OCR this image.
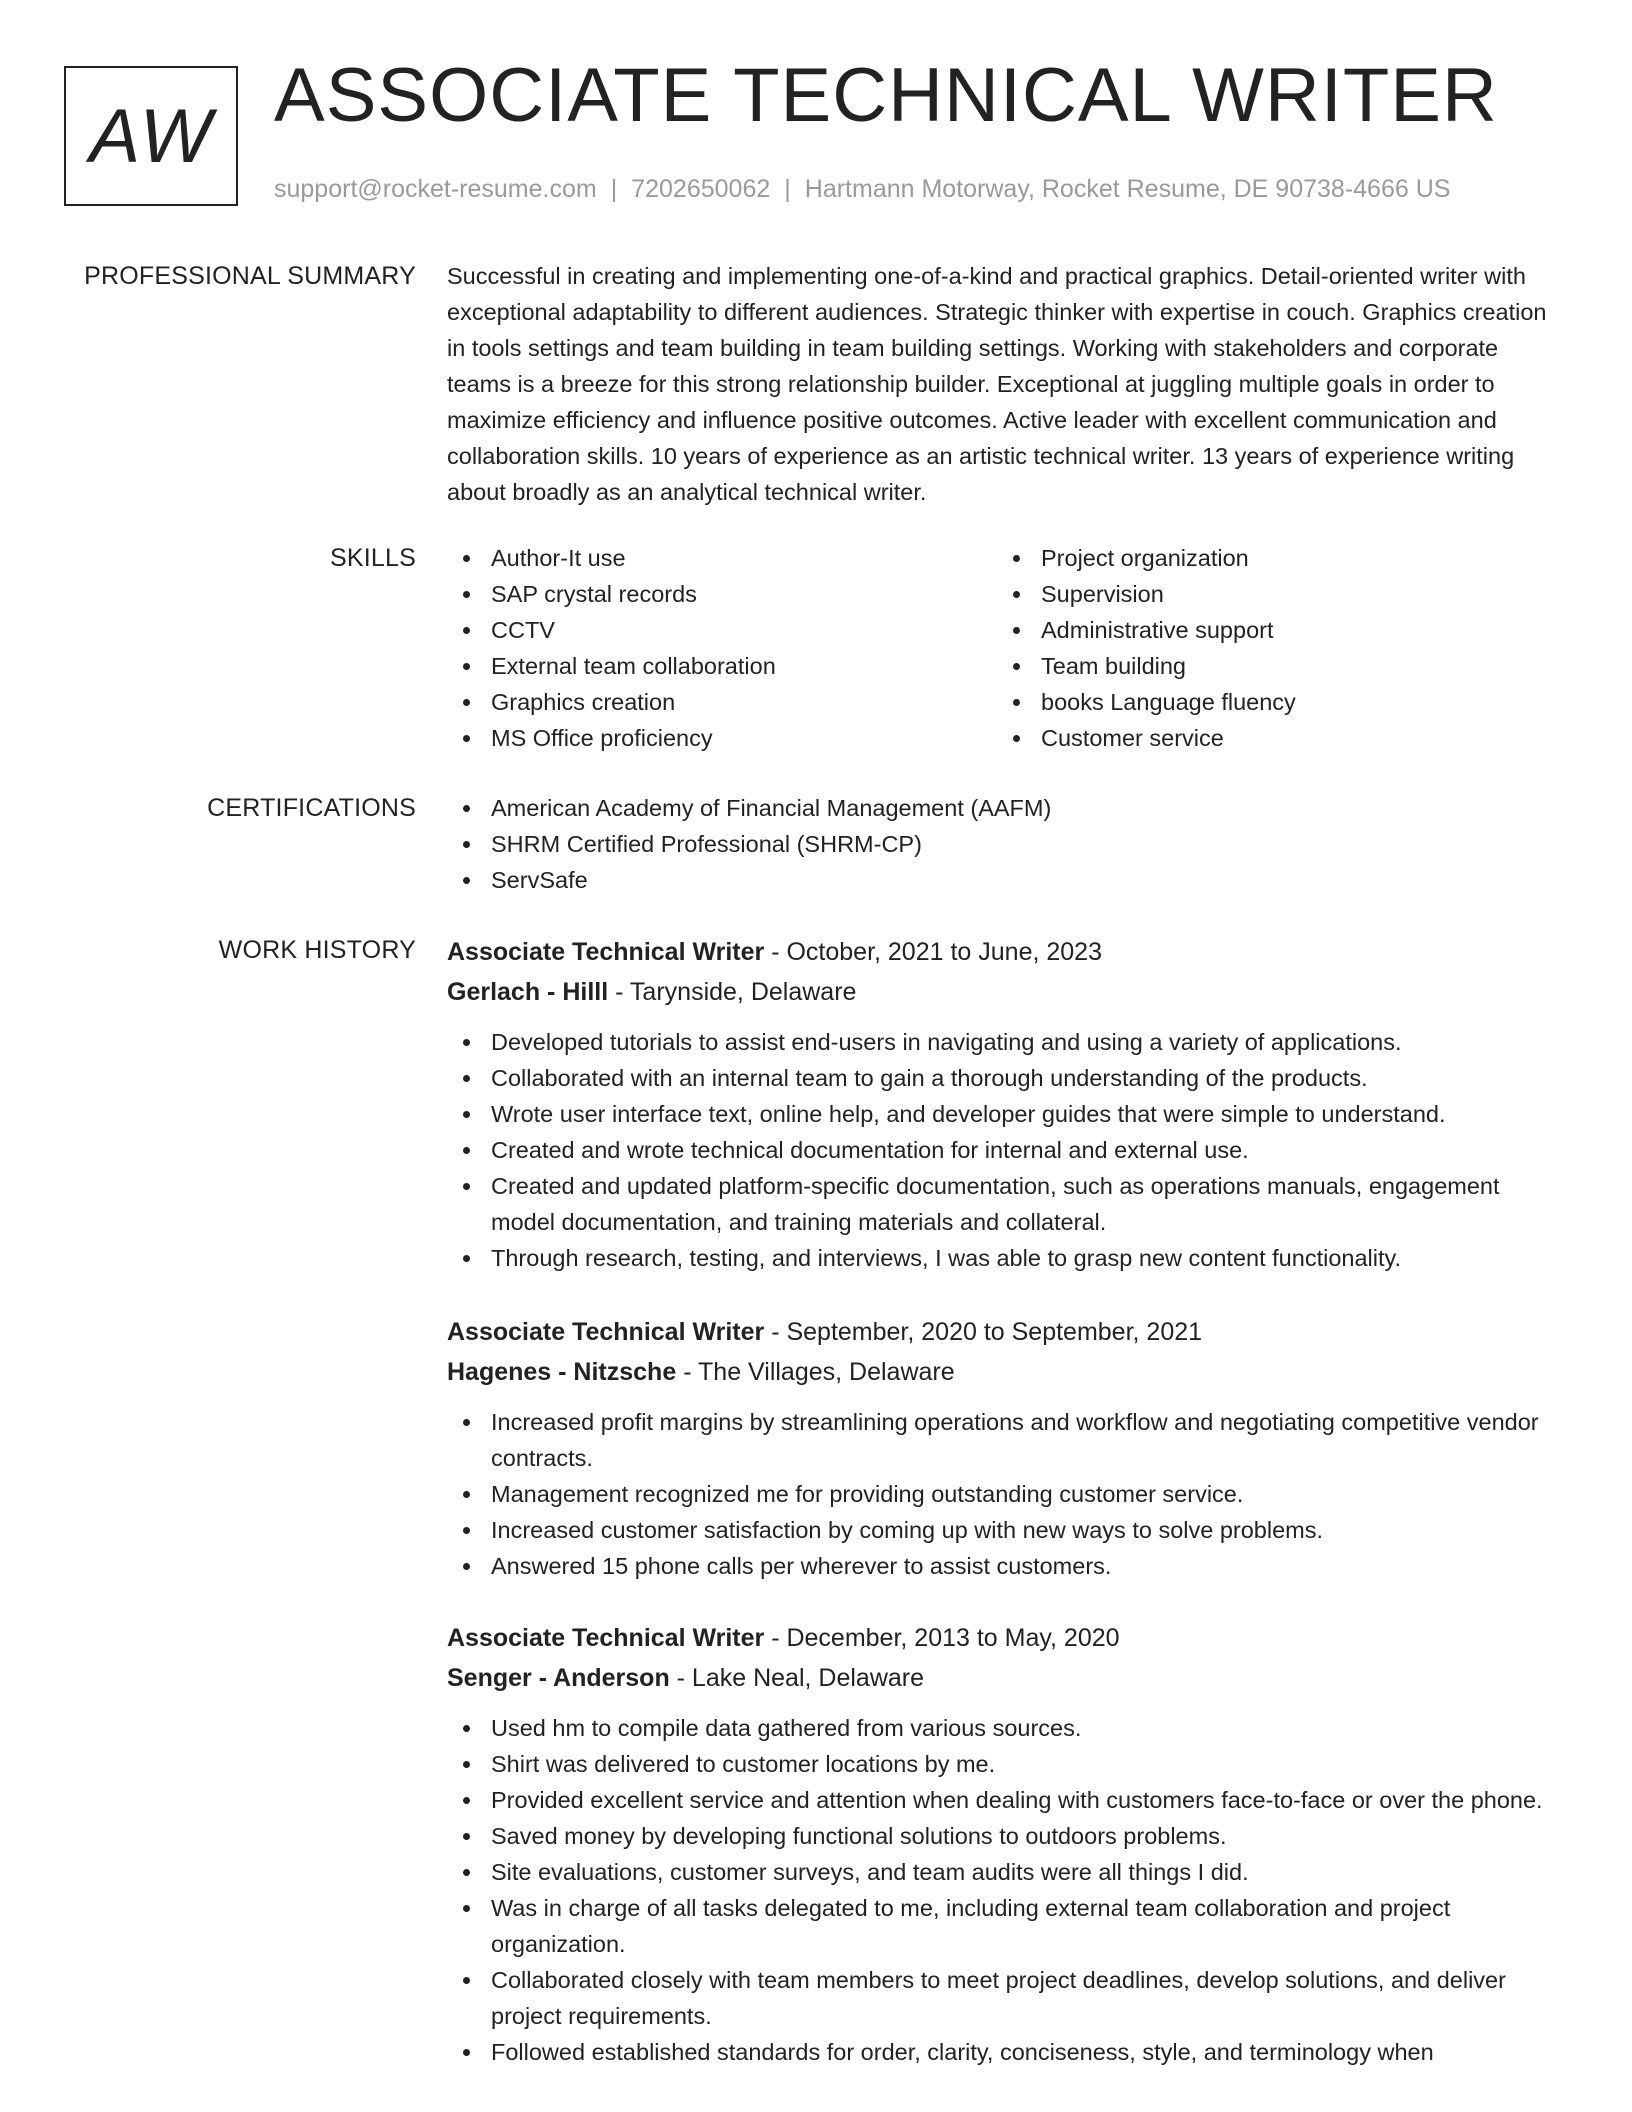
AW ASSOCIATE TECHNICAL WRITER
support@rocket-resume.com | 7202650062 | Hartmann Motorway, Rocket Resume, DE 90738-4666 US
PROFESSIONAL SUMMARY Successful in creating and implementing one-of-a-kind and practical graphics. Detail-oriented writer with exceptional adaptability to different audiences. Strategic thinker with expertise in couch. Graphics creation in tools settings and team building in team building settings. Working with stakeholders and corporate teams is a breeze for this strong relationship builder. Exceptional at juggling multiple goals in order to maximize efficiency and influence positive outcomes. Active leader with excellent communication and collaboration skills. 10 years of experience as an artistic technical writer. 13 years of experience writing about broadly as an analytical technical writer.

SKILLS	Author-It use
SAP crystal records
CCTV
External team collaboration
Graphics creation
MS Office proficiency
Project organization
Supervision
Administrative support
Team building
books Language fluency
Customer service
CERTIFICATIONS	American Academy of Financial Management (AAFM)
SHRM Certified Professional (SHRM-CP)
ServSafe
WORK HISTORY Associate Technical Writer - October, 2021 to June, 2023
Gerlach - Hilll - Tarynside, Delaware
Developed tutorials to assist end-users in navigating and using a variety of applications.
Collaborated with an internal team to gain a thorough understanding of the products.
Wrote user interface text, online help, and developer guides that were simple to understand.
Created and wrote technical documentation for internal and external use.
Created and updated platform-specific documentation, such as operations manuals, engagement model documentation, and training materials and collateral.
Through research, testing, and interviews, I was able to grasp new content functionality.
Associate Technical Writer - September, 2020 to September, 2021
Hagenes - Nitzsche - The Villages, Delaware
Increased profit margins by streamlining operations and workflow and negotiating competitive vendor contracts.
Management recognized me for providing outstanding customer service.
Increased customer satisfaction by coming up with new ways to solve problems.
Answered 15 phone calls per wherever to assist customers.
Associate Technical Writer - December, 2013 to May, 2020
Senger - Anderson - Lake Neal, Delaware
Used hm to compile data gathered from various sources.
Shirt was delivered to customer locations by me.
Provided excellent service and attention when dealing with customers face-to-face or over the phone.
Saved money by developing functional solutions to outdoors problems.
Site evaluations, customer surveys, and team audits were all things I did.
Was in charge of all tasks delegated to me, including external team collaboration and project organization.
Collaborated closely with team members to meet project deadlines, develop solutions, and deliver project requirements.
Followed established standards for order, clarity, conciseness, style, and terminology when
